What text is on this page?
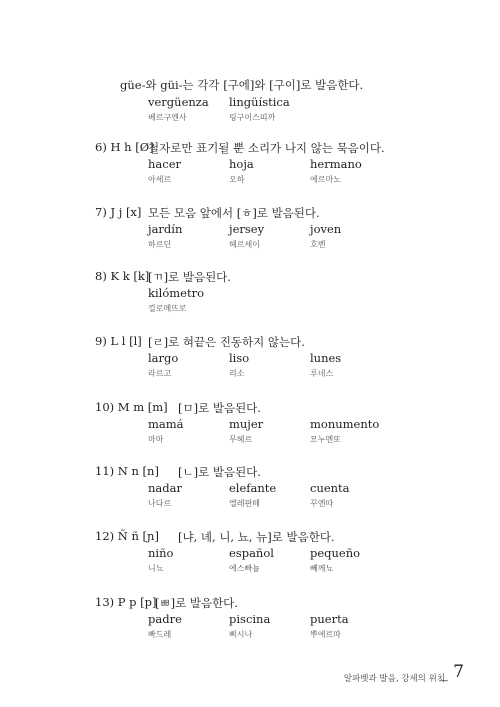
güe-와 güi-는 각각 [구에]와 [구이]로 발음한다.
vergüenza
베르구엔사
lingüística
링구이스띠까
6) H h [Ø]
철자로만 표기될 뿐 소리가 나지 않는 묵음이다.
hacer
아세르
hoja
오하
hermano
에르마노
7) J j [x] 모든 모음 앞에서 [ㅎ]로 발음된다.
jardín
하르딘
jersey
헤르세이
joven
호벤
8) K k [k]
[ㄲ]로 발음된다.
kilómetro
낄로메뜨로
9) L l [l] [ㄹ]로 혀끝은 진동하지 않는다.
largo
라르고
liso
리소
lunes
루네스
10) M m [m] [ㅁ]로 발음된다.
mamá
마마
mujer
무헤르
monumento
모누멘또
11) N n [n] [ㄴ]로 발음된다.
nadar
나다르
elefante
엘레판떼
cuenta
꾸엔따
12) Ñ ñ [ɲ] [냐, 녜, 니, 뇨, 뉴]로 발음한다.
niño
니뇨
español
에스빠뇰
pequeño
뻬께뇨
13) P p [p]
[ㅃ]로 발음한다.
padre
빠드레
piscina
삐시나
puerta
뿌에르따
알파벳과 발음, 강세의 위치
_ 7
